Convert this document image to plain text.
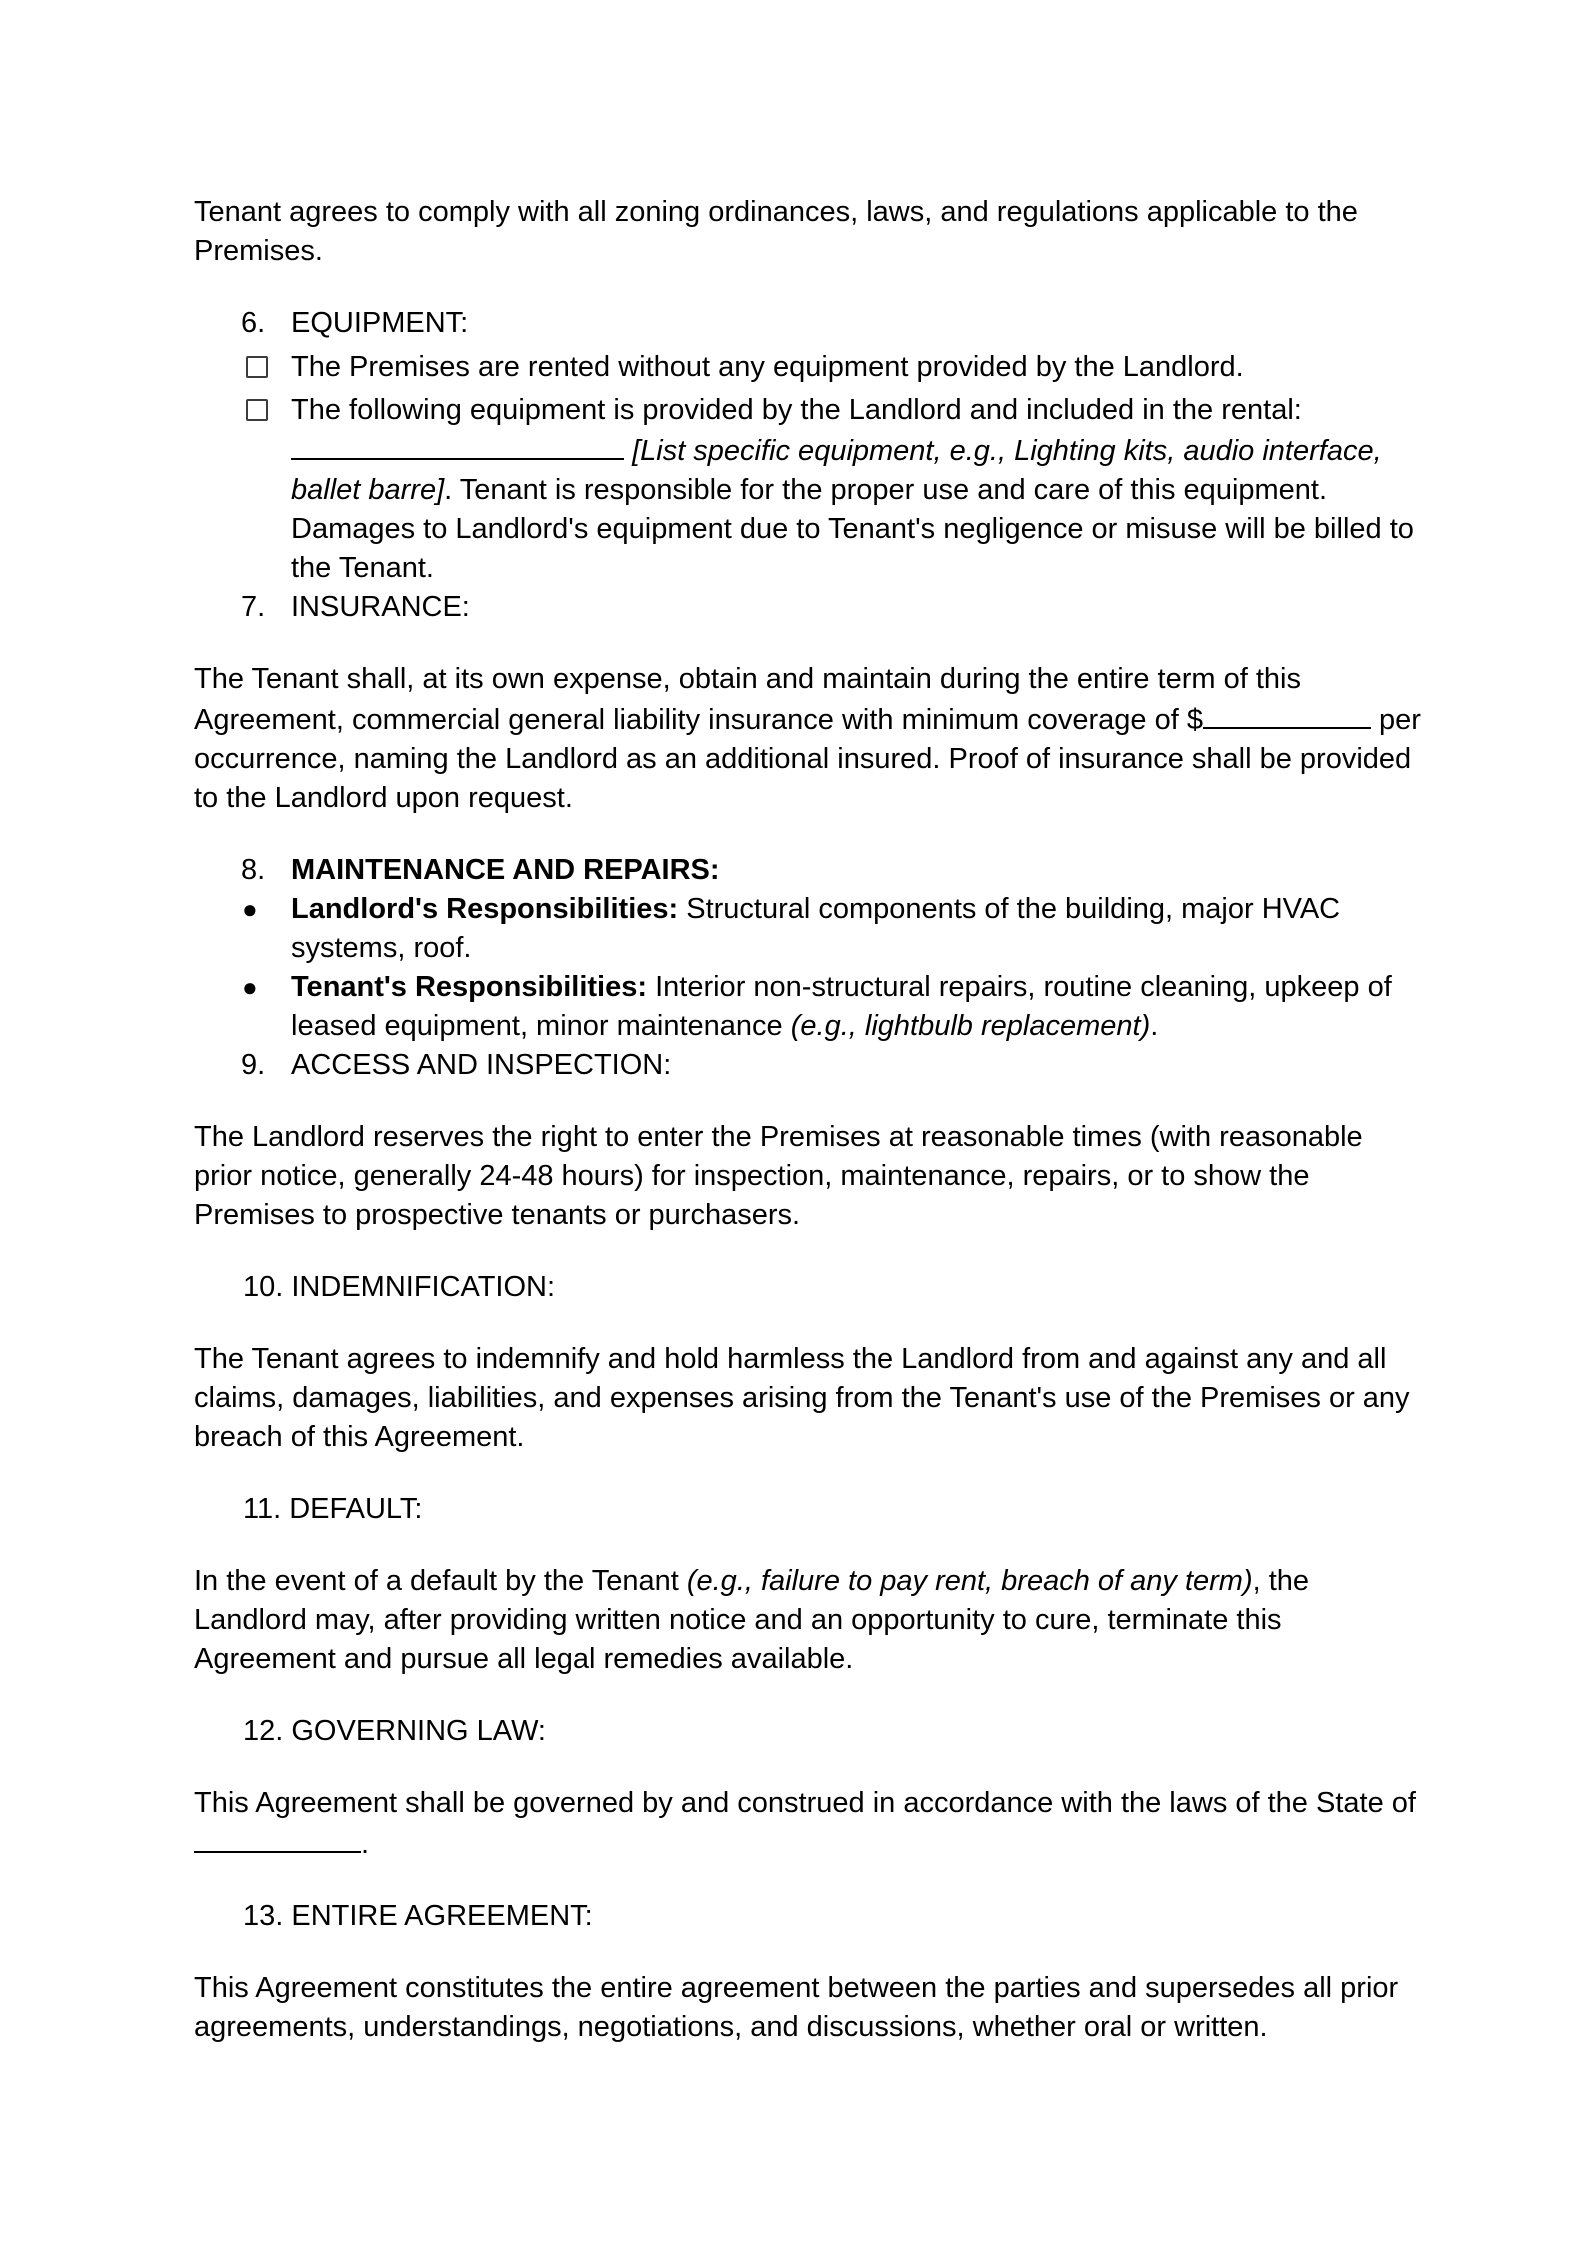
Tenant agrees to comply with all zoning ordinances, laws, and regulations applicable to the Premises.

6. EQUIPMENT:
The Premises are rented without any equipment provided by the Landlord.
The following equipment is provided by the Landlord and included in the rental:
[List specific equipment, e.g., Lighting kits, audio interface, ballet barre]. Tenant is responsible for the proper use and care of this equipment. Damages to Landlord's equipment due to Tenant's negligence or misuse will be billed to the Tenant.
7. INSURANCE:

The Tenant shall, at its own expense, obtain and maintain during the entire term of this Agreement, commercial general liability insurance with minimum coverage of $	per occurrence, naming the Landlord as an additional insured. Proof of insurance shall be provided to the Landlord upon request.

8. MAINTENANCE AND REPAIRS:
● Landlord's Responsibilities: Structural components of the building, major HVAC systems, roof.
● Tenant's Responsibilities: Interior non-structural repairs, routine cleaning, upkeep of leased equipment, minor maintenance (e.g., lightbulb replacement).
9. ACCESS AND INSPECTION:

The Landlord reserves the right to enter the Premises at reasonable times (with reasonable prior notice, generally 24-48 hours) for inspection, maintenance, repairs, or to show the Premises to prospective tenants or purchasers.

10. INDEMNIFICATION:

The Tenant agrees to indemnify and hold harmless the Landlord from and against any and all claims, damages, liabilities, and expenses arising from the Tenant's use of the Premises or any breach of this Agreement.

11. DEFAULT:

In the event of a default by the Tenant (e.g., failure to pay rent, breach of any term), the Landlord may, after providing written notice and an opportunity to cure, terminate this Agreement and pursue all legal remedies available.

12. GOVERNING LAW:

This Agreement shall be governed by and construed in accordance with the laws of the State of .

13. ENTIRE AGREEMENT:

This Agreement constitutes the entire agreement between the parties and supersedes all prior agreements, understandings, negotiations, and discussions, whether oral or written.
